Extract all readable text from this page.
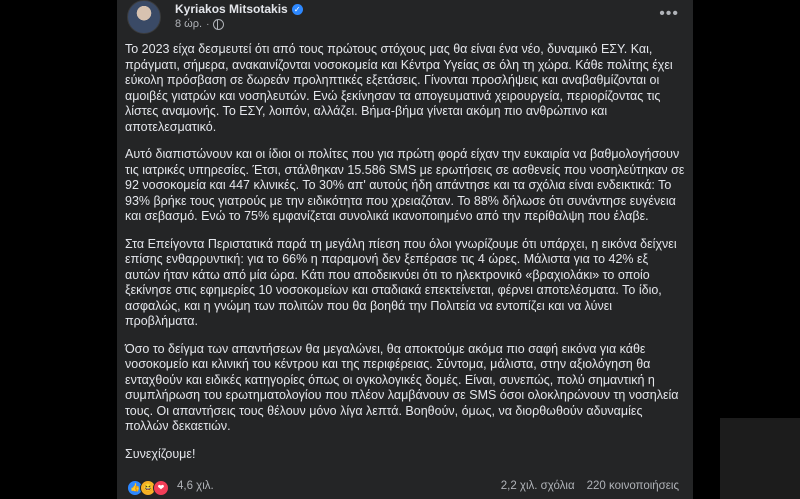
Kyriakos Mitsotakis ✓
8 ώρ. ·
•••

Το 2023 είχα δεσμευτεί ότι από τους πρώτους στόχους μας θα είναι ένα νέο, δυναμικό ΕΣΥ. Και, πράγματι, σήμερα, ανακαινίζονται νοσοκομεία και Κέντρα Υγείας σε όλη τη χώρα. Κάθε πολίτης έχει εύκολη πρόσβαση σε δωρεάν προληπτικές εξετάσεις. Γίνονται προσλήψεις και αναβαθμίζονται οι αμοιβές γιατρών και νοσηλευτών. Ενώ ξεκίνησαν τα απογευματινά χειρουργεία, περιορίζοντας τις λίστες αναμονής. Το ΕΣΥ, λοιπόν, αλλάζει. Βήμα-βήμα γίνεται ακόμη πιο ανθρώπινο και αποτελεσματικό.

Αυτό διαπιστώνουν και οι ίδιοι οι πολίτες που για πρώτη φορά είχαν την ευκαιρία να βαθμολογήσουν τις ιατρικές υπηρεσίες. Έτσι, στάλθηκαν 15.586 SMS με ερωτήσεις σε ασθενείς που νοσηλεύτηκαν σε 92 νοσοκομεία και 447 κλινικές. Το 30% απ' αυτούς ήδη απάντησε και τα σχόλια είναι ενδεικτικά: Το 93% βρήκε τους γιατρούς με την ειδικότητα που χρειαζόταν. Το 88% δήλωσε ότι συνάντησε ευγένεια και σεβασμό. Ενώ το 75% εμφανίζεται συνολικά ικανοποιημένο από την περίθαλψη που έλαβε.

Στα Επείγοντα Περιστατικά παρά τη μεγάλη πίεση που όλοι γνωρίζουμε ότι υπάρχει, η εικόνα δείχνει επίσης ενθαρρυντική: για το 66% η παραμονή δεν ξεπέρασε τις 4 ώρες. Μάλιστα για το 42% εξ αυτών ήταν κάτω από μία ώρα. Κάτι που αποδεικνύει ότι το ηλεκτρονικό «βραχιολάκι» το οποίο ξεκίνησε στις εφημερίες 10 νοσοκομείων και σταδιακά επεκτείνεται, φέρνει αποτελέσματα. Το ίδιο, ασφαλώς, και η γνώμη των πολιτών που θα βοηθά την Πολιτεία να εντοπίζει και να λύνει προβλήματα.

Όσο το δείγμα των απαντήσεων θα μεγαλώνει, θα αποκτούμε ακόμα πιο σαφή εικόνα για κάθε νοσοκομείο και κλινική του κέντρου και της περιφέρειας. Σύντομα, μάλιστα, στην αξιολόγηση θα ενταχθούν και ειδικές κατηγορίες όπως οι ογκολογικές δομές. Είναι, συνεπώς, πολύ σημαντική η συμπλήρωση του ερωτηματολογίου που πλέον λαμβάνουν σε SMS όσοι ολοκληρώνουν τη νοσηλεία τους. Οι απαντήσεις τους θέλουν μόνο λίγα λεπτά. Βοηθούν, όμως, να διορθωθούν αδυναμίες πολλών δεκαετιών.

Συνεχίζουμε!

👍 😆 ❤	4,6 χιλ.	2,2 χιλ. σχόλια 220 κοινοποιήσεις
